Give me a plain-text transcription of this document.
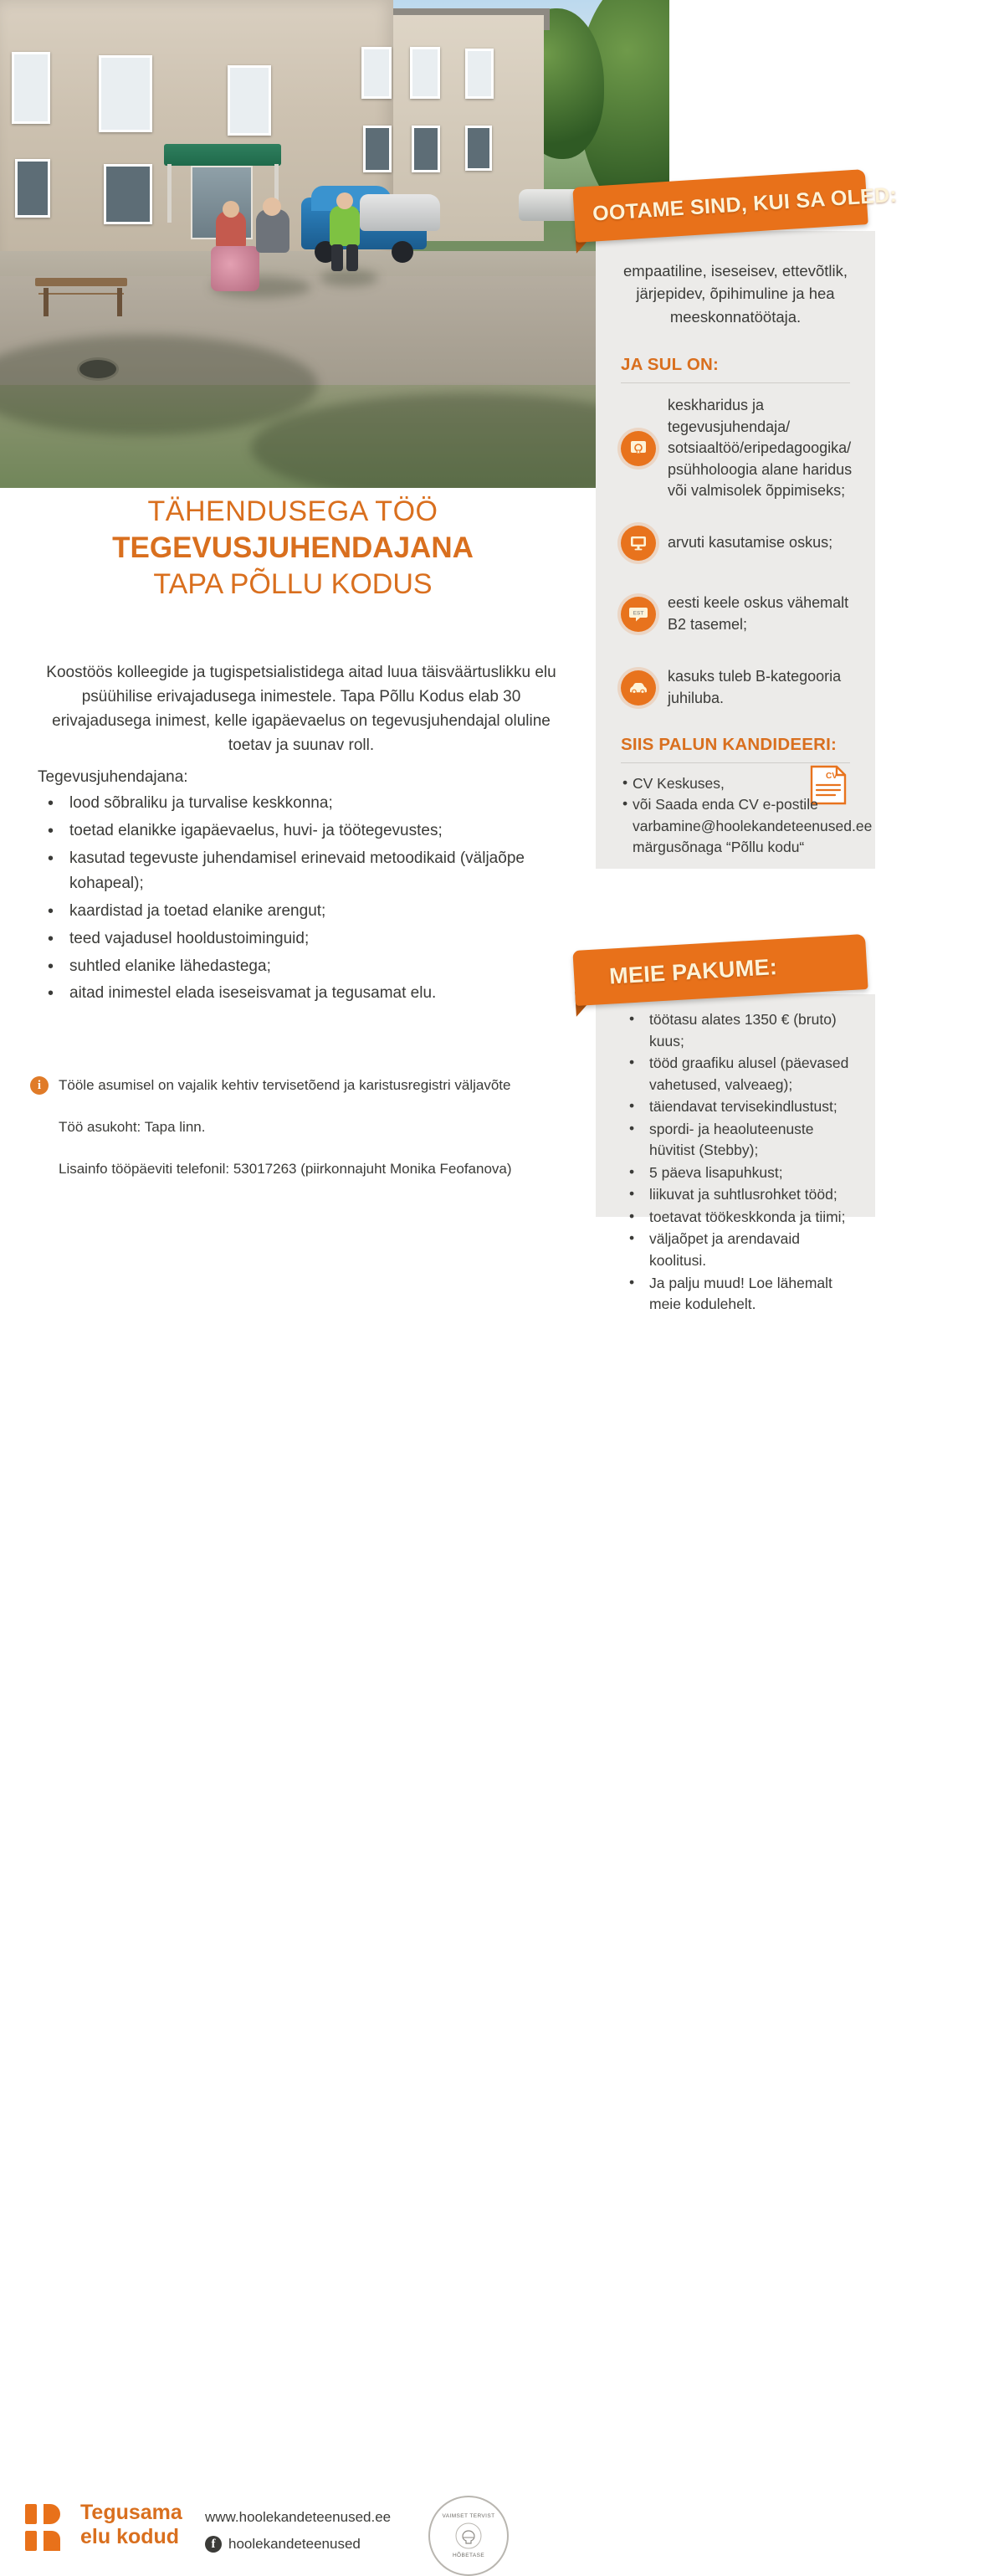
TÄHENDUSEGA TÖÖ
TEGEVUSJUHENDAJANA
TAPA PÕLLU KODUS
Koostöös kolleegide ja tugispetsialistidega aitad luua täisväärtuslikku elu psüühilise erivajadusega inimestele. Tapa Põllu Kodus elab 30 erivajadusega inimest, kelle igapäevaelus on tegevusjuhendajal oluline toetav ja suunav roll.
Tegevusjuhendajana:
• lood sõbraliku ja turvalise keskkonna;
• toetad elanikke igapäevaelus, huvi- ja töötegevustes;
• kasutad tegevuste juhendamisel erinevaid metoodikaid (väljaõpe kohapeal);
• kaardistad ja toetad elanike arengut;
• teed vajadusel hooldustoiminguid;
• suhtled elanike lähedastega;
• aitad inimestel elada iseseisvamat ja tegusamat elu.
i	Tööle asumisel on vajalik kehtiv tervisetõend ja karistusregistri väljavõte
Töö asukoht: Tapa linn.
Lisainfo tööpäeviti telefonil: 53017263 (piirkonnajuht Monika Feofanova)
empaatiline, iseseisev, ettevõtlik, järjepidev, õpihimuline ja hea meeskonnatöötaja.
JA SUL ON:
keskharidus ja tegevusjuhendaja/ sotsiaaltöö/eripedagoogika/ psühholoogia alane haridus või valmisolek õppimiseks;
arvuti kasutamise oskus;
EST
eesti keele oskus vähemalt B2 tasemel;
kasuks tuleb B-kategooria juhiluba.
SIIS PALUN KANDIDEERI:
CV
• CV Keskuses,
• või Saada enda CV e-postile
varbamine@hoolekandeteenused.ee
märgusõnaga “Põllu kodu“
OOTAME SIND, KUI SA OLED:
• töötasu alates 1350 € (bruto) kuus;
• tööd graafiku alusel (päevased vahetused, valveaeg);
• täiendavat tervisekindlustust;
• spordi- ja heaoluteenuste hüvitist (Stebby);
• 5 päeva lisapuhkust;
• liikuvat ja suhtlusrohket tööd;
• toetavat töökeskkonda ja tiimi;
• väljaõpet ja arendavaid koolitusi.
• Ja palju muud! Loe lähemalt meie kodulehelt.
MEIE PAKUME:
Tegusama
elu kodud
www.hoolekandeteenused.ee
f hoolekandeteenused
VAIMSET TERVIST
HÕBETASE
